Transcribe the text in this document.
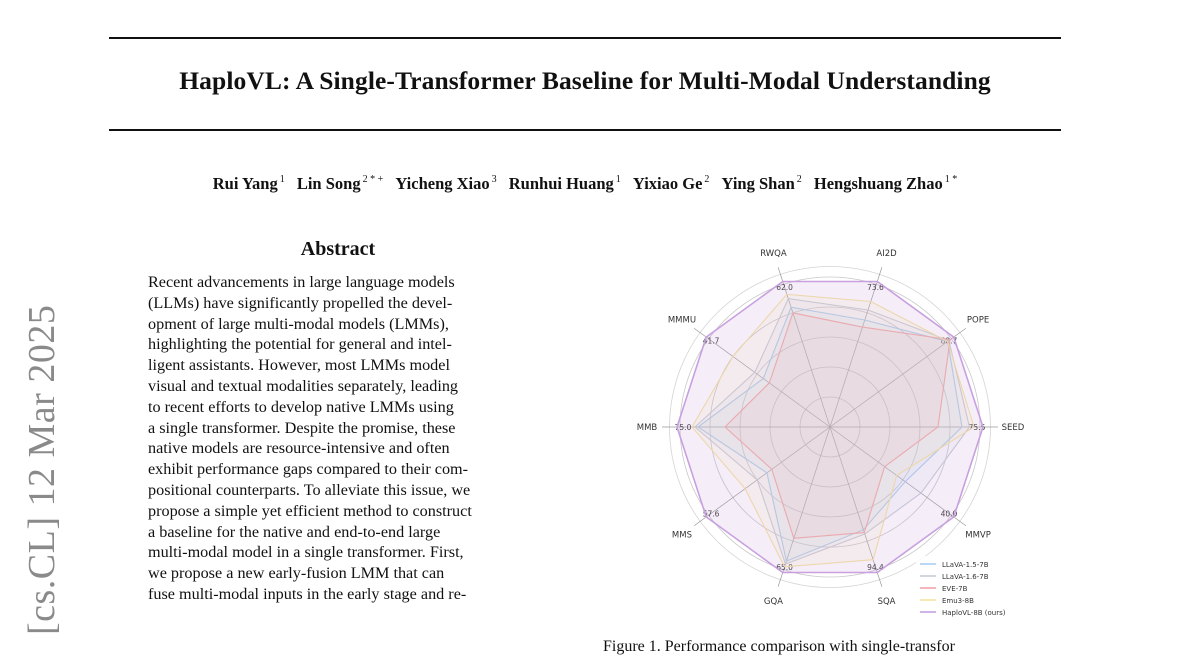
[cs.CL] 12 Mar 2025
HaploVL: A Single-Transformer Baseline for Multi-Modal Understanding
Rui Yang $^1$ Lin Song $^{2 * +}$ Yicheng Xiao $^3$ Runhui Huang $^1$ Yixiao Ge $^2$ Ying Shan $^2$ Hengshuang Zhao $^{1 *}$
Abstract
Recent advancements in large language models
(LLMs) have significantly propelled the devel-
opment of large multi-modal models (LMMs),
highlighting the potential for general and intel-
ligent assistants. However, most LMMs model
visual and textual modalities separately, leading
to recent efforts to develop native LMMs using
a single transformer. Despite the promise, these
native models are resource-intensive and often
exhibit performance gaps compared to their com-
positional counterparts. To alleviate this issue, we
propose a simple yet efficient method to construct
a baseline for the native and end-to-end large
multi-modal model in a single transformer. First,
we propose a new early-fusion LMM that can
fuse multi-modal inputs in the early stage and re-
AI2D
73.6
POPE
88.7
SEED
75.5
MMVP
40.0
SQA
94.4
GQA
65.0
MMS
57.6
MMB 75.0
MMMU
41.7
RWQA
62.0
LLaVA-1.5-7B
LLaVA-1.6-7B
EVE-7B
Emu3-8B
HaploVL-8B (ours)
Figure 1. Performance comparison with single-transfor
